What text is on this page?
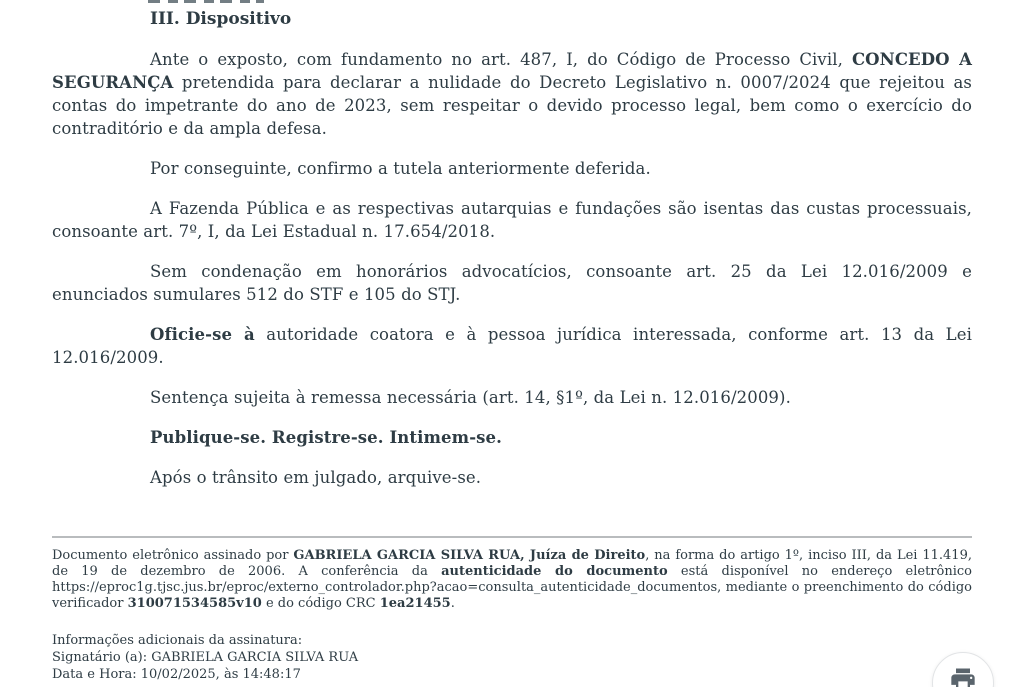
III. Dispositivo

Ante o exposto, com fundamento no art. 487, I, do Código de Processo Civil, CONCEDO A SEGURANÇA pretendida para declarar a nulidade do Decreto Legislativo n. 0007/2024 que rejeitou as contas do impetrante do ano de 2023, sem respeitar o devido processo legal, bem como o exercício do contraditório e da ampla defesa.

Por conseguinte, confirmo a tutela anteriormente deferida.

A Fazenda Pública e as respectivas autarquias e fundações são isentas das custas processuais, consoante art. 7º, I, da Lei Estadual n. 17.654/2018.

Sem condenação em honorários advocatícios, consoante art. 25 da Lei 12.016/2009 e enunciados sumulares 512 do STF e 105 do STJ.

Oficie-se à autoridade coatora e à pessoa jurídica interessada, conforme art. 13 da Lei 12.016/2009.

Sentença sujeita à remessa necessária (art. 14, §1º, da Lei n. 12.016/2009).

Publique-se. Registre-se. Intimem-se.

Após o trânsito em julgado, arquive-se.

Documento eletrônico assinado por GABRIELA GARCIA SILVA RUA, Juíza de Direito, na forma do artigo 1º, inciso III, da Lei 11.419, de 19 de dezembro de 2006. A conferência da autenticidade do documento está disponível no endereço eletrônico https://eproc1g.tjsc.jus.br/eproc/externo_controlador.php?acao=consulta_autenticidade_documentos, mediante o preenchimento do código verificador 310071534585v10 e do código CRC 1ea21455.

Informações adicionais da assinatura:
Signatário (a): GABRIELA GARCIA SILVA RUA
Data e Hora: 10/02/2025, às 14:48:17
